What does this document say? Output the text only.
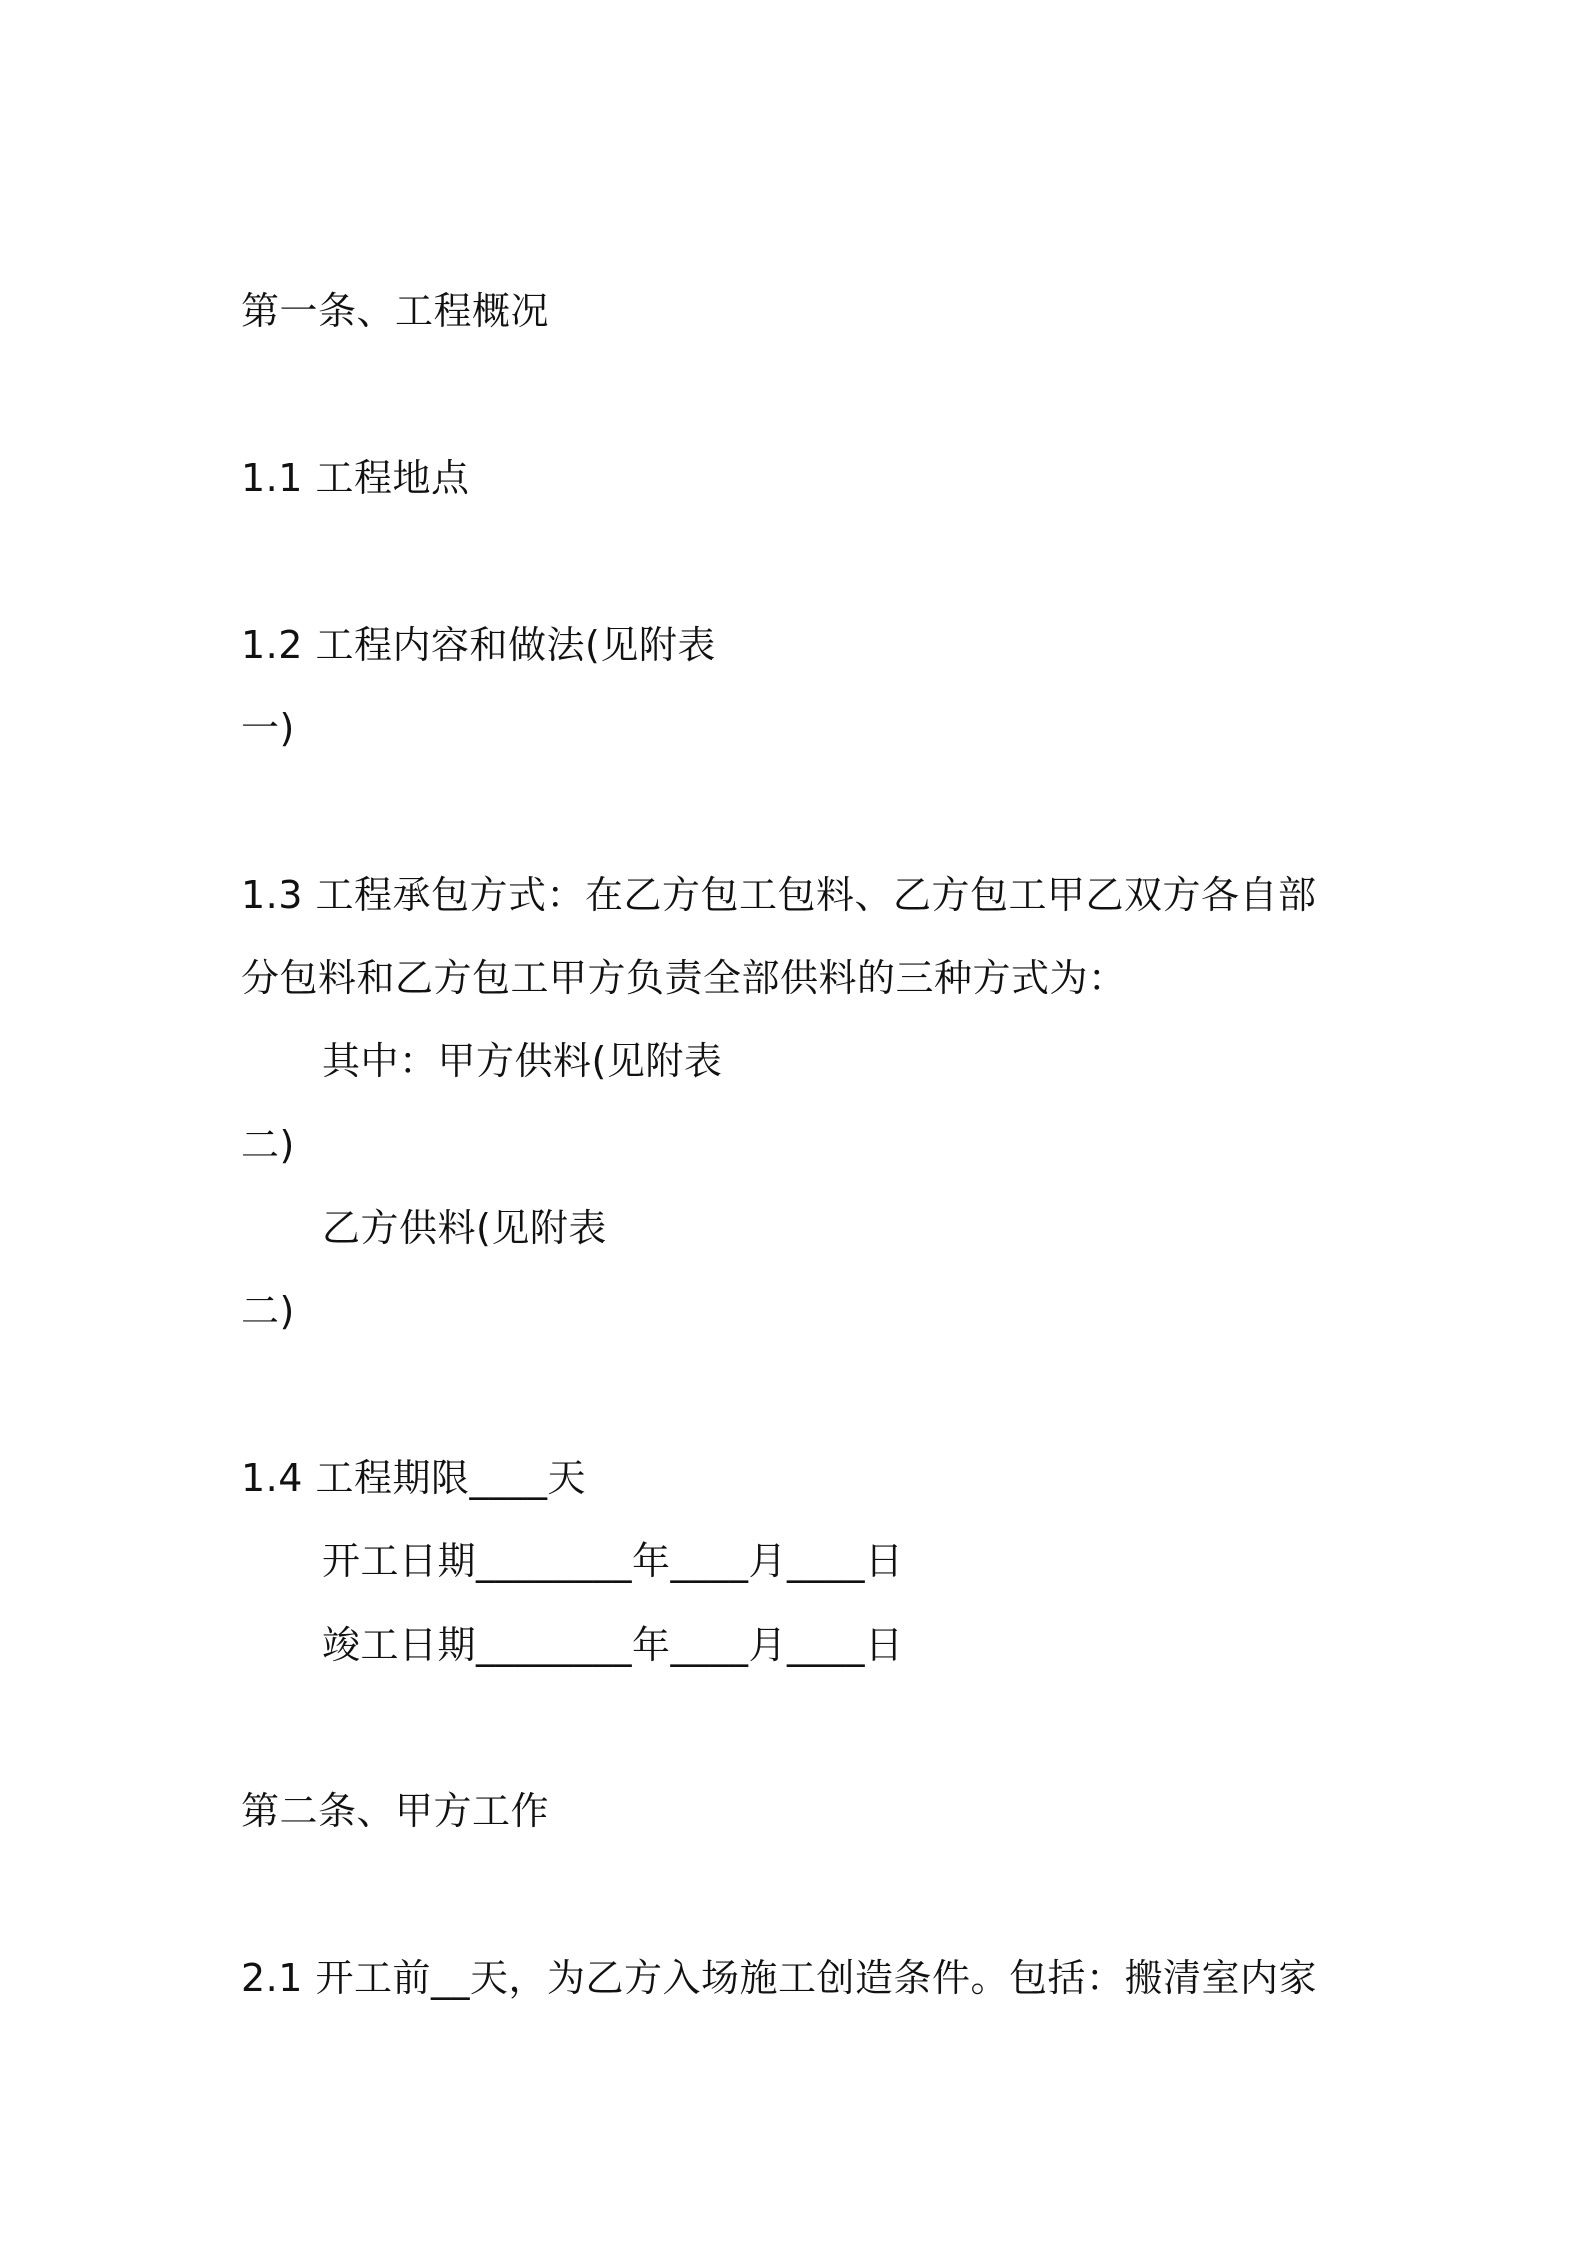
第一条、工程概况
1.1 工程地点
1.2 工程内容和做法(见附表
一)
1.3 工程承包方式：在乙方包工包料、乙方包工甲乙双方各自部
分包料和乙方包工甲方负责全部供料的三种方式为：
其中：甲方供料(见附表
二)
乙方供料(见附表
二)
1.4 工程期限____天
开工日期________年____月____日
竣工日期________年____月____日
第二条、甲方工作
2.1 开工前__天，为乙方入场施工创造条件。包括：搬清室内家
